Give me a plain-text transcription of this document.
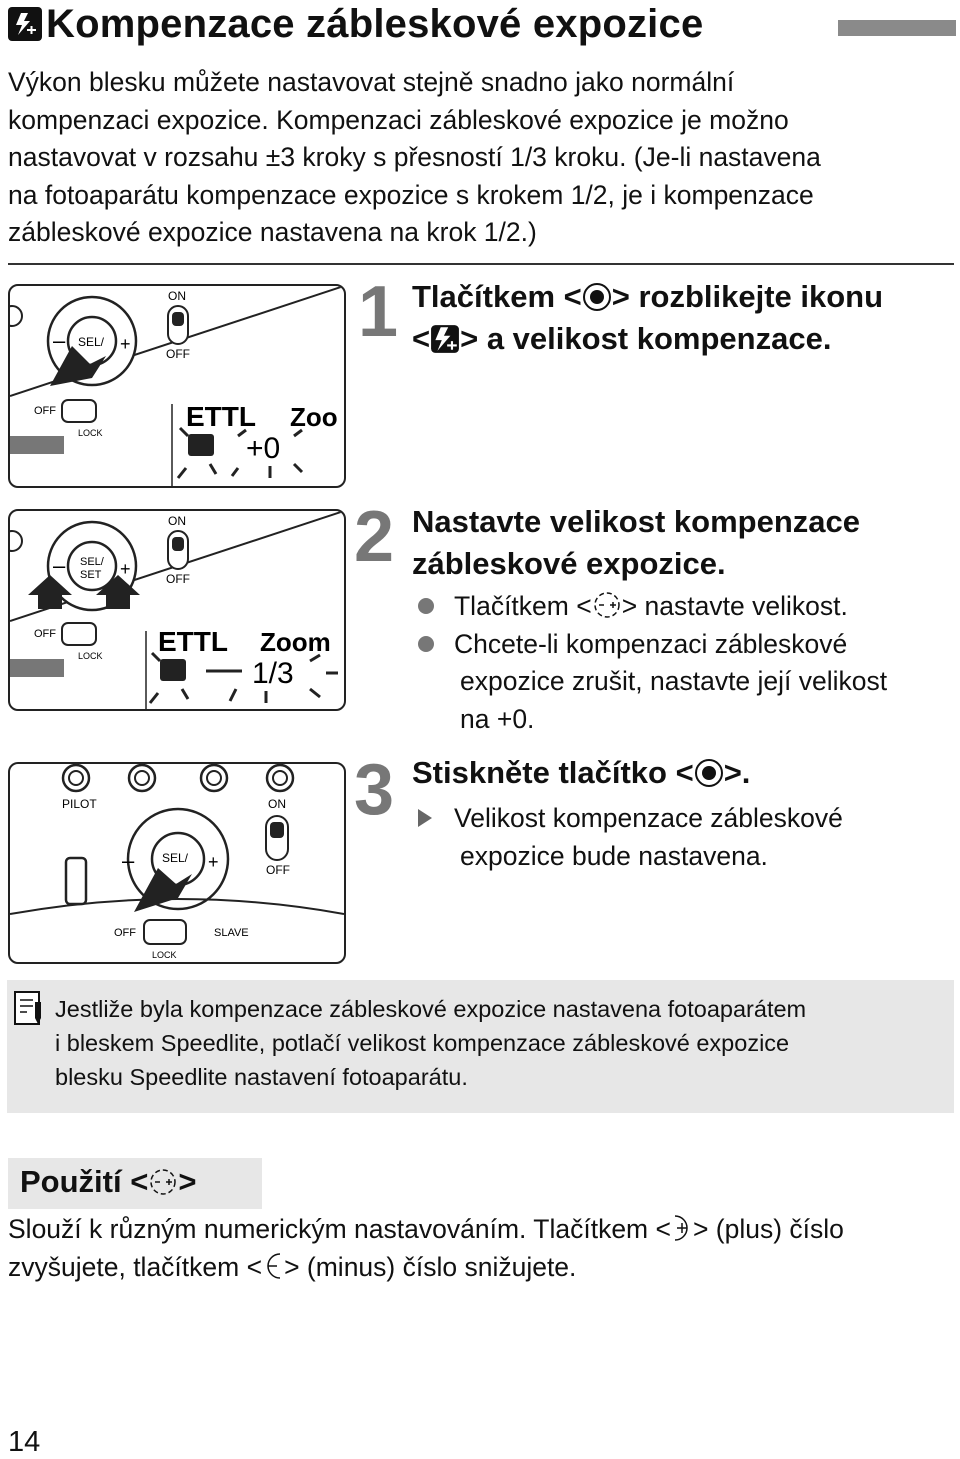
Kompenzace zábleskové expozice
Výkon blesku můžete nastavovat stejně snadno jako normální
kompenzaci expozice. Kompenzaci zábleskové expozice je možno
nastavovat v rozsahu ±3 kroky s přesností 1/3 kroku. (Je-li nastavena
na fotoaparátu kompenzace expozice s krokem 1/2, je i kompenzace
zábleskové expozice nastavena na krok 1/2.)
SEL/
–	+
ON
OFF
OFF
LOCK
ETTL Zoo
+0
1 Tlačítkem < > rozblikejte ikonu
< > a velikost kompenzace.
SEL/
SET
–	+
ON
OFF
OFF
LOCK ETTL Zoom
1/3
2 Nastavte velikost kompenzace
zábleskové expozice.
Tlačítkem < > nastavte velikost.
Chcete-li kompenzaci zábleskové
expozice zrušit, nastavte její velikost
na +0.
PILOT
SEL/
–	+
ON
OFF
OFF	SLAVE
LOCK
3 Stiskněte tlačítko < >.
Velikost kompenzace zábleskové
expozice bude nastavena.
Jestliže byla kompenzace zábleskové expozice nastavena fotoaparátem
i bleskem Speedlite, potlačí velikost kompenzace zábleskové expozice
blesku Speedlite nastavení fotoaparátu.
Použití < >
Slouží k různým numerickým nastavováním. Tlačítkem < > (plus) číslo
zvyšujete, tlačítkem < > (minus) číslo snižujete.
14
